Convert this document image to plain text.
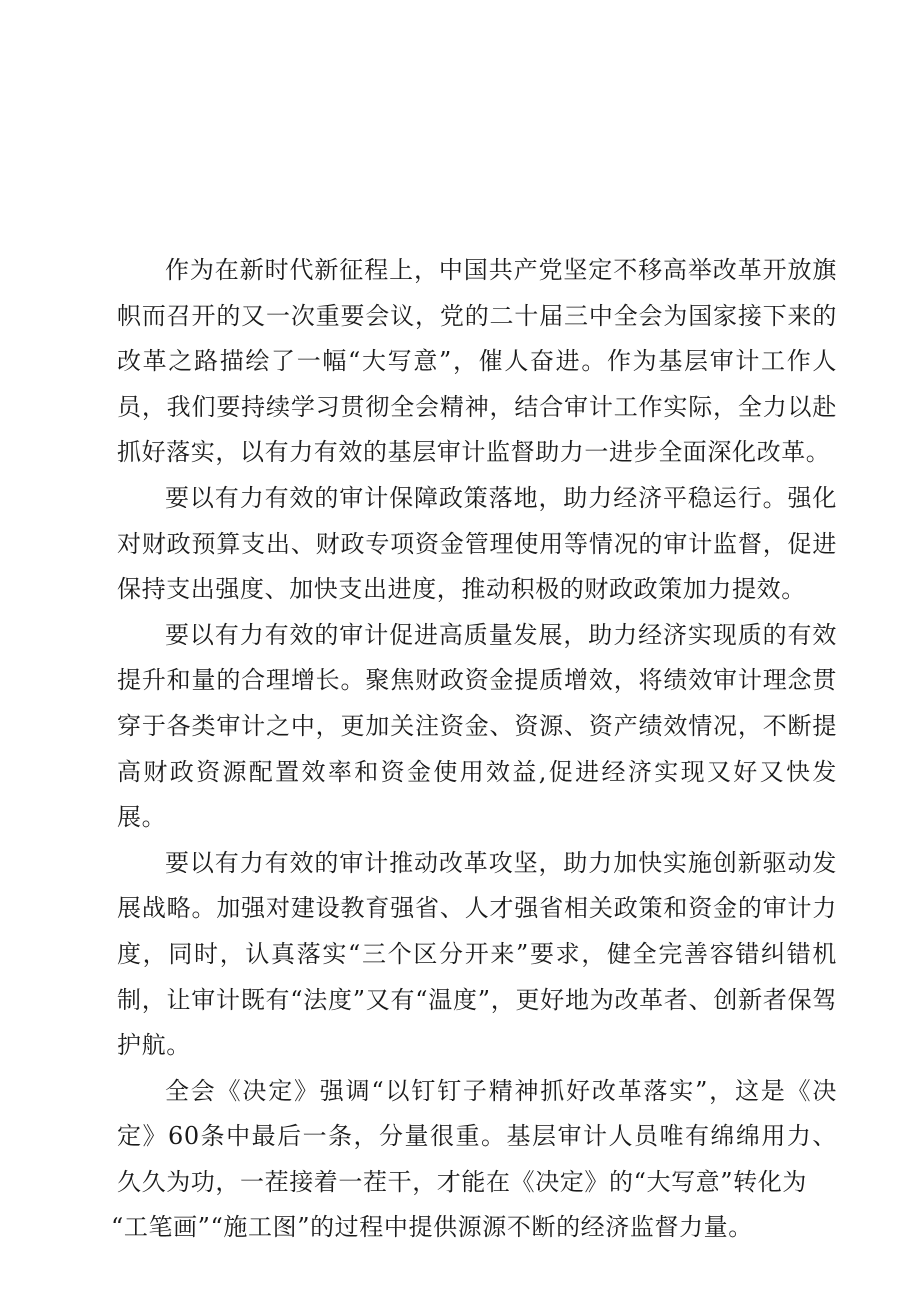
作为在新时代新征程上，中国共产党坚定不移高举改革开放旗帜而召开的又一次重要会议，党的二十届三中全会为国家接下来的改革之路描绘了一幅“大写意”，催人奋进。作为基层审计工作人员，我们要持续学习贯彻全会精神，结合审计工作实际，全力以赴抓好落实，以有力有效的基层审计监督助力一进步全面深化改革。

要以有力有效的审计保障政策落地，助力经济平稳运行。强化对财政预算支出、财政专项资金管理使用等情况的审计监督，促进保持支出强度、加快支出进度，推动积极的财政政策加力提效。

要以有力有效的审计促进高质量发展，助力经济实现质的有效提升和量的合理增长。聚焦财政资金提质增效，将绩效审计理念贯穿于各类审计之中，更加关注资金、资源、资产绩效情况，不断提高财政资源配置效率和资金使用效益,促进经济实现又好又快发展。

要以有力有效的审计推动改革攻坚，助力加快实施创新驱动发展战略。加强对建设教育强省、人才强省相关政策和资金的审计力度，同时，认真落实“三个区分开来”要求，健全完善容错纠错机制，让审计既有“法度”又有“温度”，更好地为改革者、创新者保驾护航。

全会《决定》强调“以钉钉子精神抓好改革落实”，这是《决定》60条中最后一条，分量很重。基层审计人员唯有绵绵用力、久久为功，一茬接着一茬干，才能在《决定》的“大写意”转化为

“工笔画”“施工图”的过程中提供源源不断的经济监督力量。
